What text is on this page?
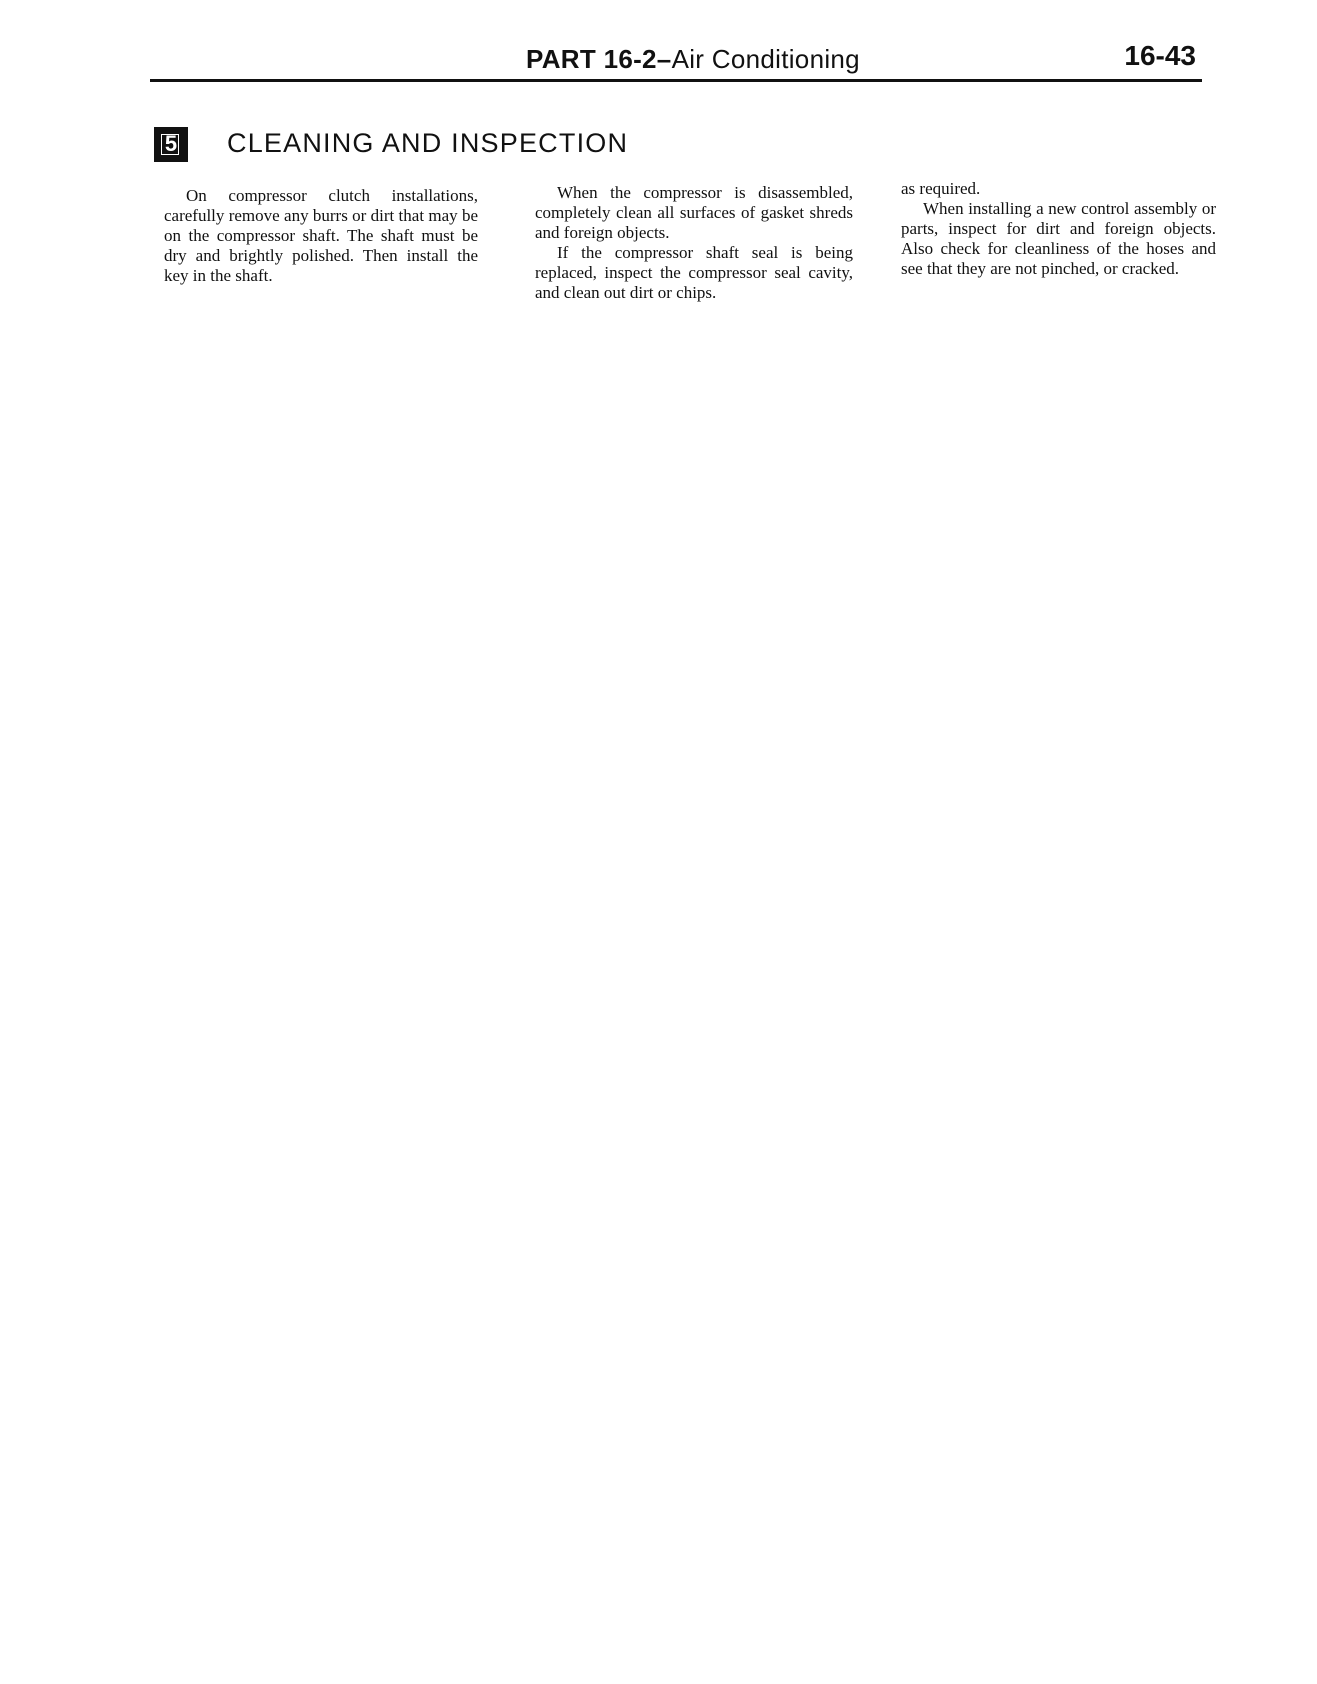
PART 16-2–Air Conditioning	16-43
5	CLEANING AND INSPECTION

On compressor clutch installations, carefully remove any burrs or dirt that may be on the compressor shaft. The shaft must be dry and brightly polished. Then install the key in the shaft.

When the compressor is disassembled, completely clean all surfaces of gasket shreds and foreign objects.

If the compressor shaft seal is being replaced, inspect the compressor seal cavity, and clean out dirt or chips.

as required.

When installing a new control assembly or parts, inspect for dirt and foreign objects. Also check for cleanliness of the hoses and see that they are not pinched, or cracked.
